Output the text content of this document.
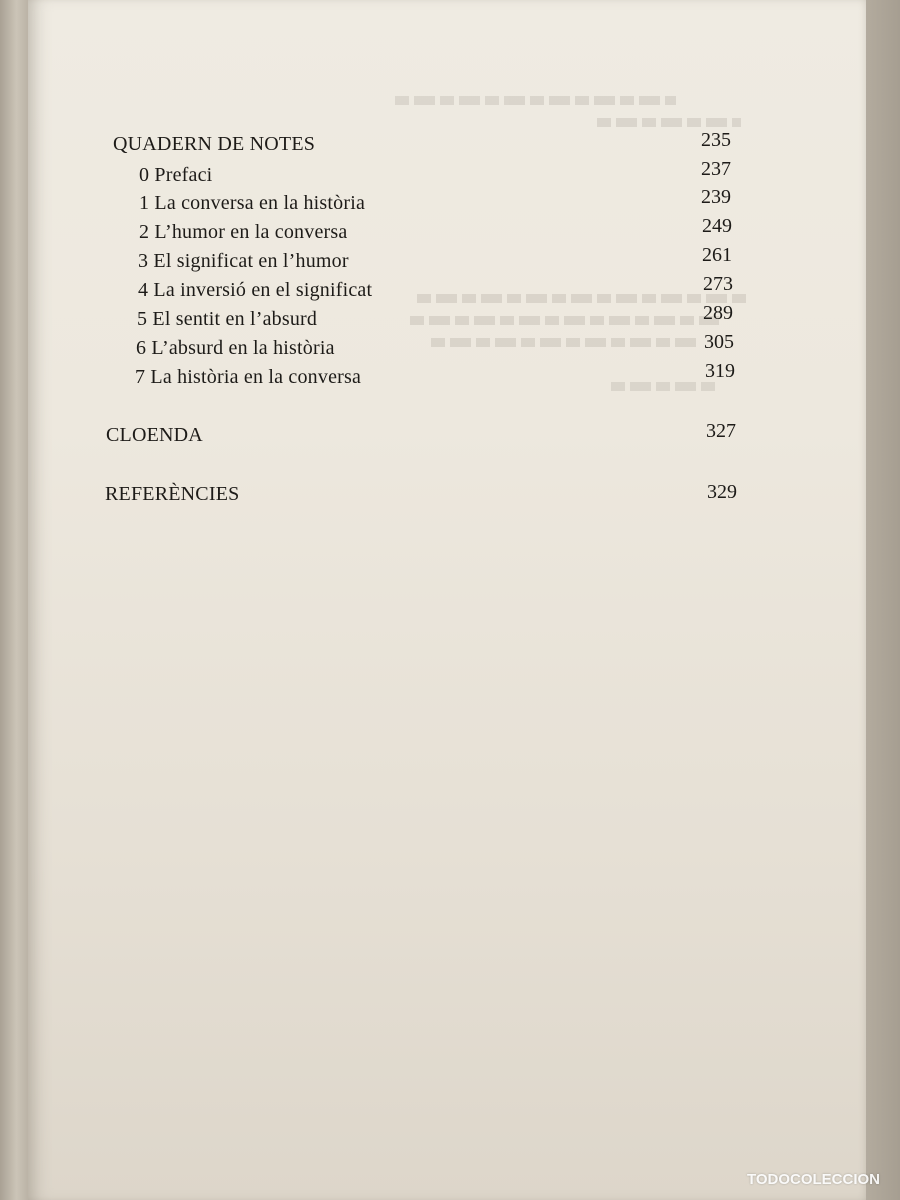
QUADERN DE NOTES	235
0 Prefaci	237
1 La conversa en la història	239
2 L’humor en la conversa	249
3 El significat en l’humor	261
4 La inversió en el significat	273
5 El sentit en l’absurd	289
6 L’absurd en la història	305
7 La història en la conversa	319
CLOENDA	327
REFERÈNCIES	329
TODOCOLECCION
